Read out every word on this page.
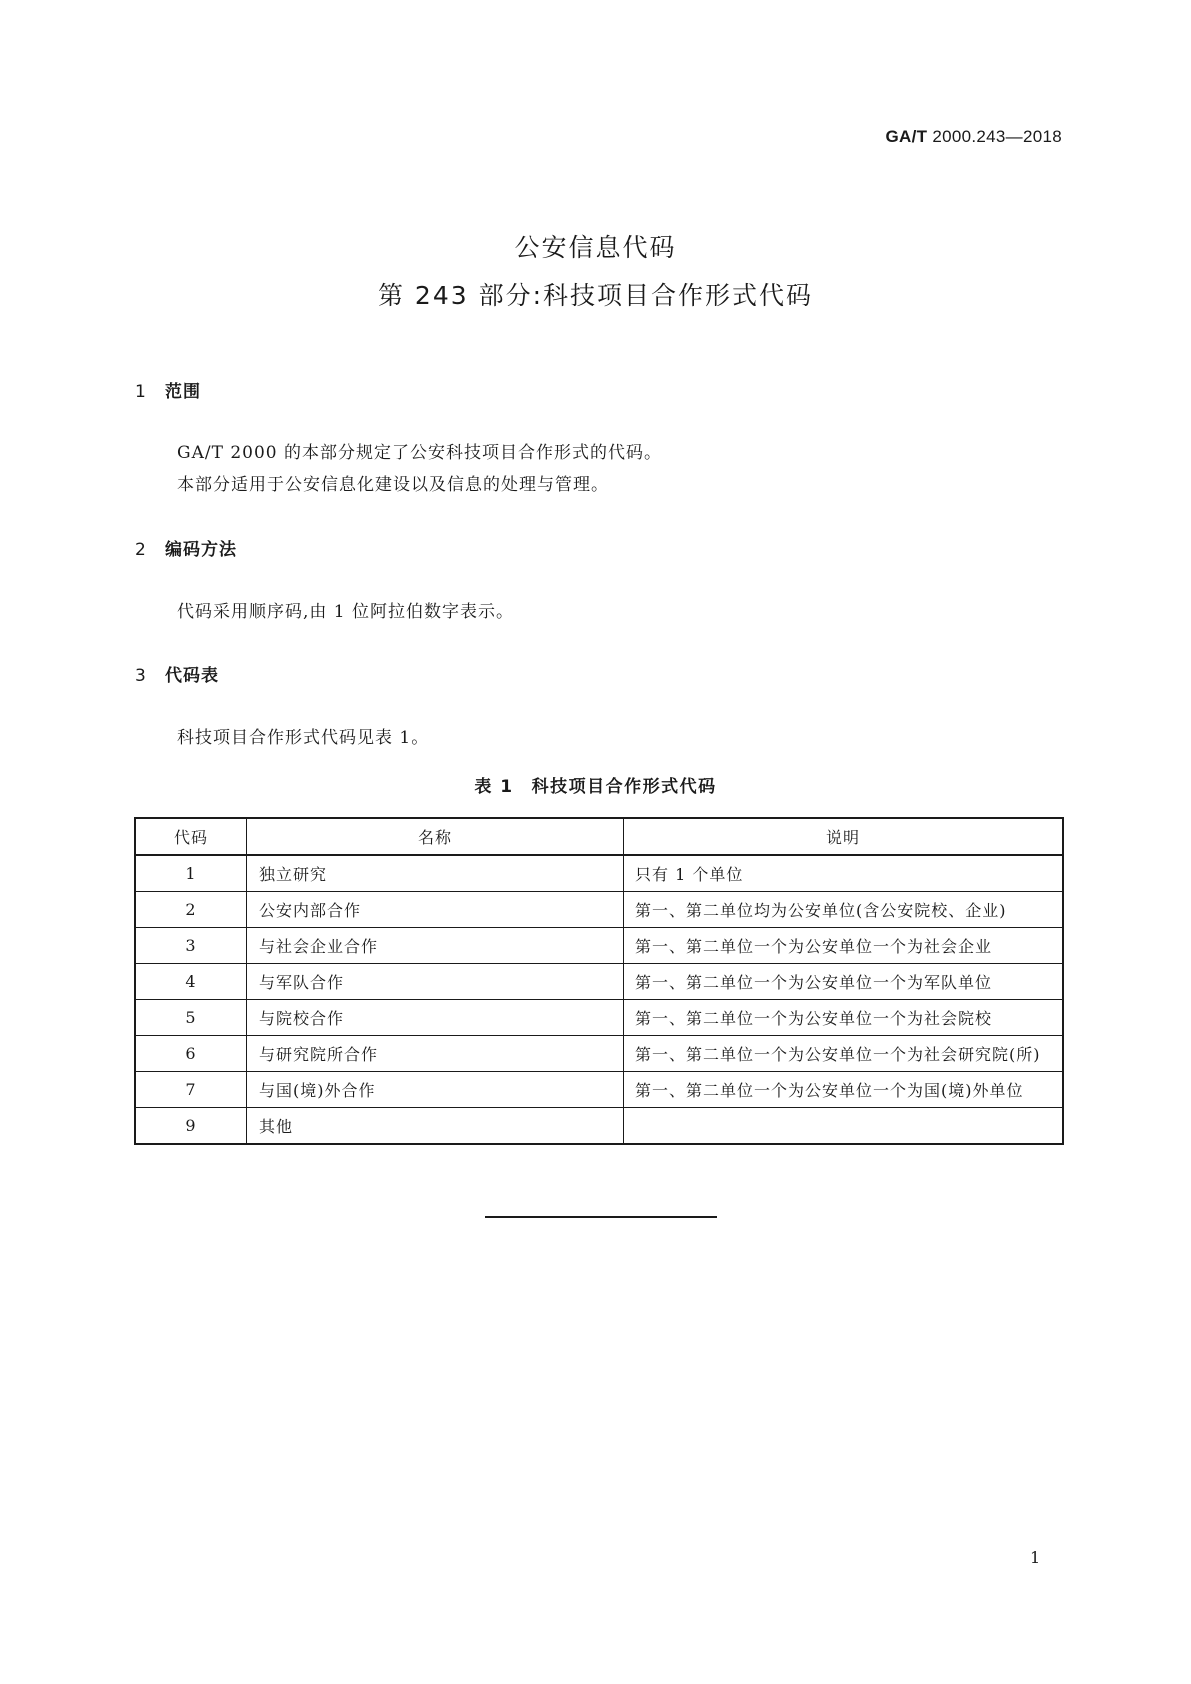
GA/T 2000.243—2018
公安信息代码
第 243 部分:科技项目合作形式代码
1 范围
GA/T 2000 的本部分规定了公安科技项目合作形式的代码。
本部分适用于公安信息化建设以及信息的处理与管理。
2 编码方法
代码采用顺序码,由 1 位阿拉伯数字表示。
3 代码表
科技项目合作形式代码见表 1。
表 1 科技项目合作形式代码
代码	名称	说明
1	独立研究	只有 1 个单位
2	公安内部合作	第一、第二单位均为公安单位(含公安院校、企业)
3	与社会企业合作	第一、第二单位一个为公安单位一个为社会企业
4	与军队合作	第一、第二单位一个为公安单位一个为军队单位
5	与院校合作	第一、第二单位一个为公安单位一个为社会院校
6	与研究院所合作	第一、第二单位一个为公安单位一个为社会研究院(所)
7	与国(境)外合作	第一、第二单位一个为公安单位一个为国(境)外单位
9	其他	
1
